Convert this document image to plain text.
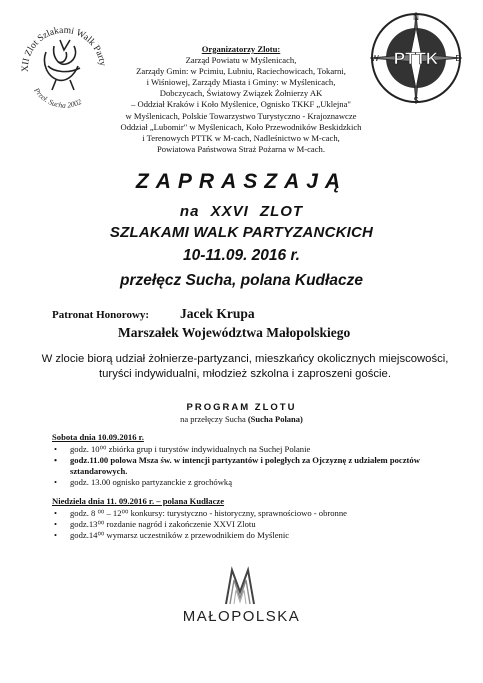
XII Zlot Szlakami Walk Party
Przeł. Sucha 2002
PTTK
N
E
S
W
Organizatorzy Zlotu:
Zarząd Powiatu w Myślenicach,
Zarządy Gmin: w Pcimiu, Lubniu, Raciechowicach, Tokarni,
i Wiśniowej, Zarządy Miasta i Gminy: w Myślenicach,
Dobczycach, Światowy Związek Żołnierzy AK
– Oddział Kraków i Koło Myślenice, Ognisko TKKF „Uklejna"
w Myślenicach, Polskie Towarzystwo Turystyczno - Krajoznawcze
Oddział „Lubomir" w Myślenicach, Koło Przewodników Beskidzkich
i Terenowych PTTK w M-cach, Nadleśnictwo w M-cach,
Powiatowa Państwowa Straż Pożarna w M-cach.
ZAPRASZAJĄ
na XXVI ZLOT
SZLAKAMI WALK PARTYZANCKICH
10-11.09. 2016 r.
przełęcz Sucha, polana Kudłacze
Patronat Honorowy: Jacek Krupa
Marszałek Województwa Małopolskiego
W zlocie biorą udział żołnierze-partyzanci, mieszkańcy okolicznych miejscowości, turyści indywidualni, młodzież szkolna i zaproszeni goście.
PROGRAM ZLOTU
na przełęczy Sucha (Sucha Polana)
Sobota dnia 10.09.2016 r.
• godz. 10⁰⁰ zbiórka grup i turystów indywidualnych na Suchej Polanie
• godz.11.00 polowa Msza św. w intencji partyzantów i poległych za Ojczyznę z udziałem pocztów sztandarowych.
• godz. 13.00 ognisko partyzanckie z grochówką
Niedziela dnia 11. 09.2016 r. – polana Kudłacze
• godz. 8 ⁰⁰ – 12⁰⁰ konkursy: turystyczno - historyczny, sprawnościowo - obronne
• godz.13⁰⁰ rozdanie nagród i zakończenie XXVI Zlotu
• godz.14⁰⁰ wymarsz uczestników z przewodnikiem do Myślenic
MAŁOPOLSKA
